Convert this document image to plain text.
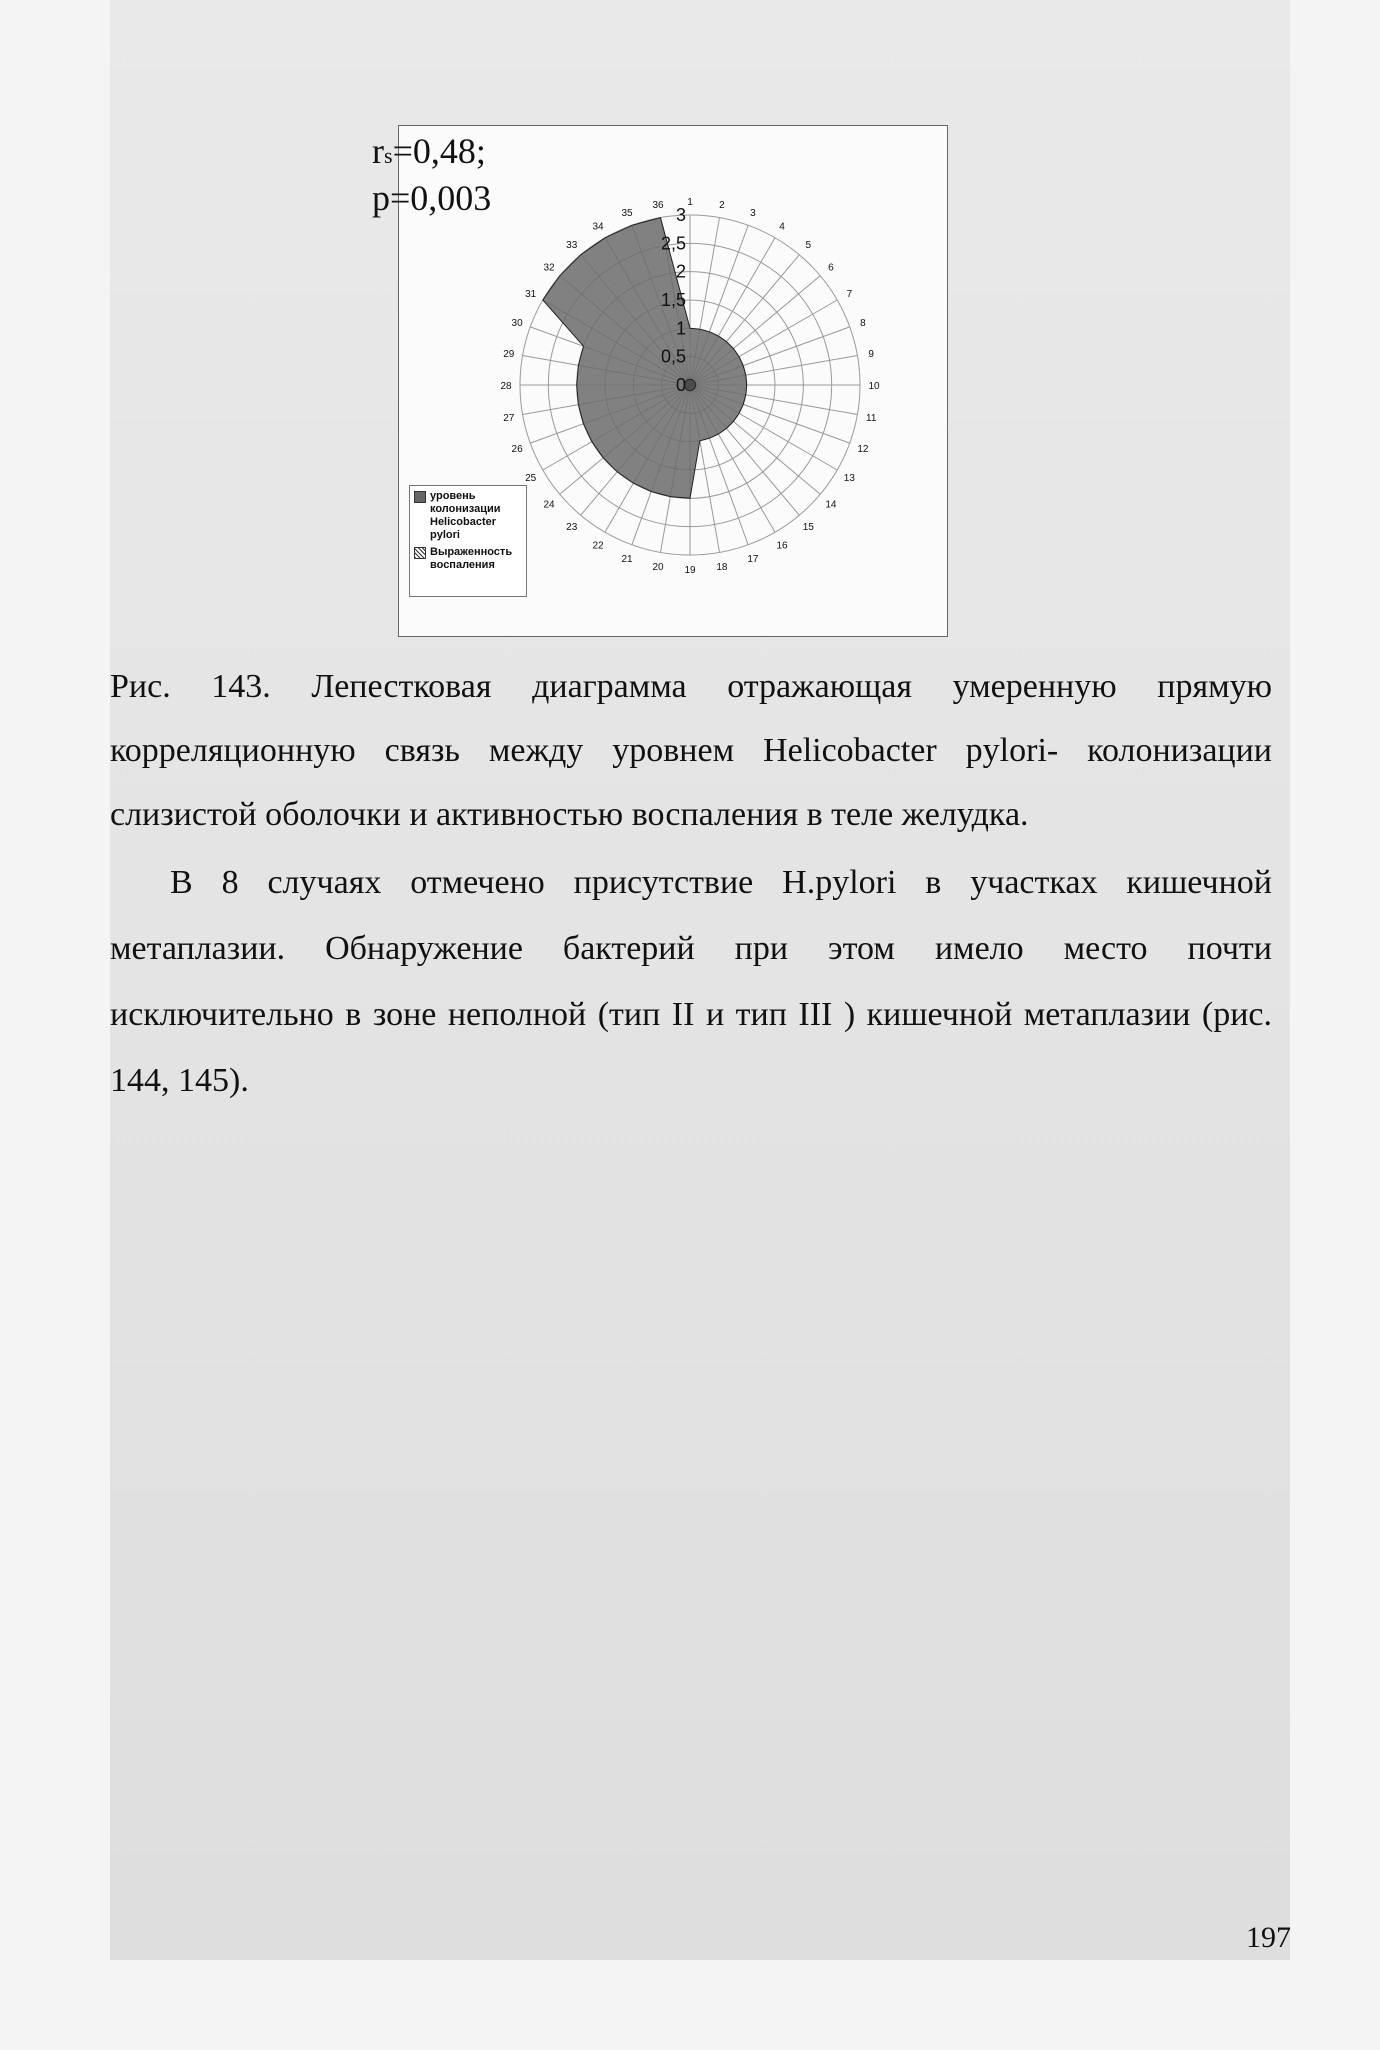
rs=0,48;
p=0,003	1	2
3
4
5
6
7
8
9
10
11
12
13
14
15
16
17
18
19
20
21
22
23
24
25
26
27
28
29
30
31
32
33
34
35
36
0
0,5
1
1,5
2
2,5
3
уровень колонизации Helicobacter pylori
Выраженность воспаления
Рис. 143. Лепестковая диаграмма отражающая умеренную прямую корреляционную связь между уровнем Helicobacter pylori- колонизации слизистой оболочки и активностью воспаления в теле желудка.
В 8 случаях отмечено присутствие H.pylori в участках кишечной метаплазии. Обнаружение бактерий при этом имело место почти исключительно в зоне неполной (тип II и тип III ) кишечной метаплазии (рис. 144, 145).
197
